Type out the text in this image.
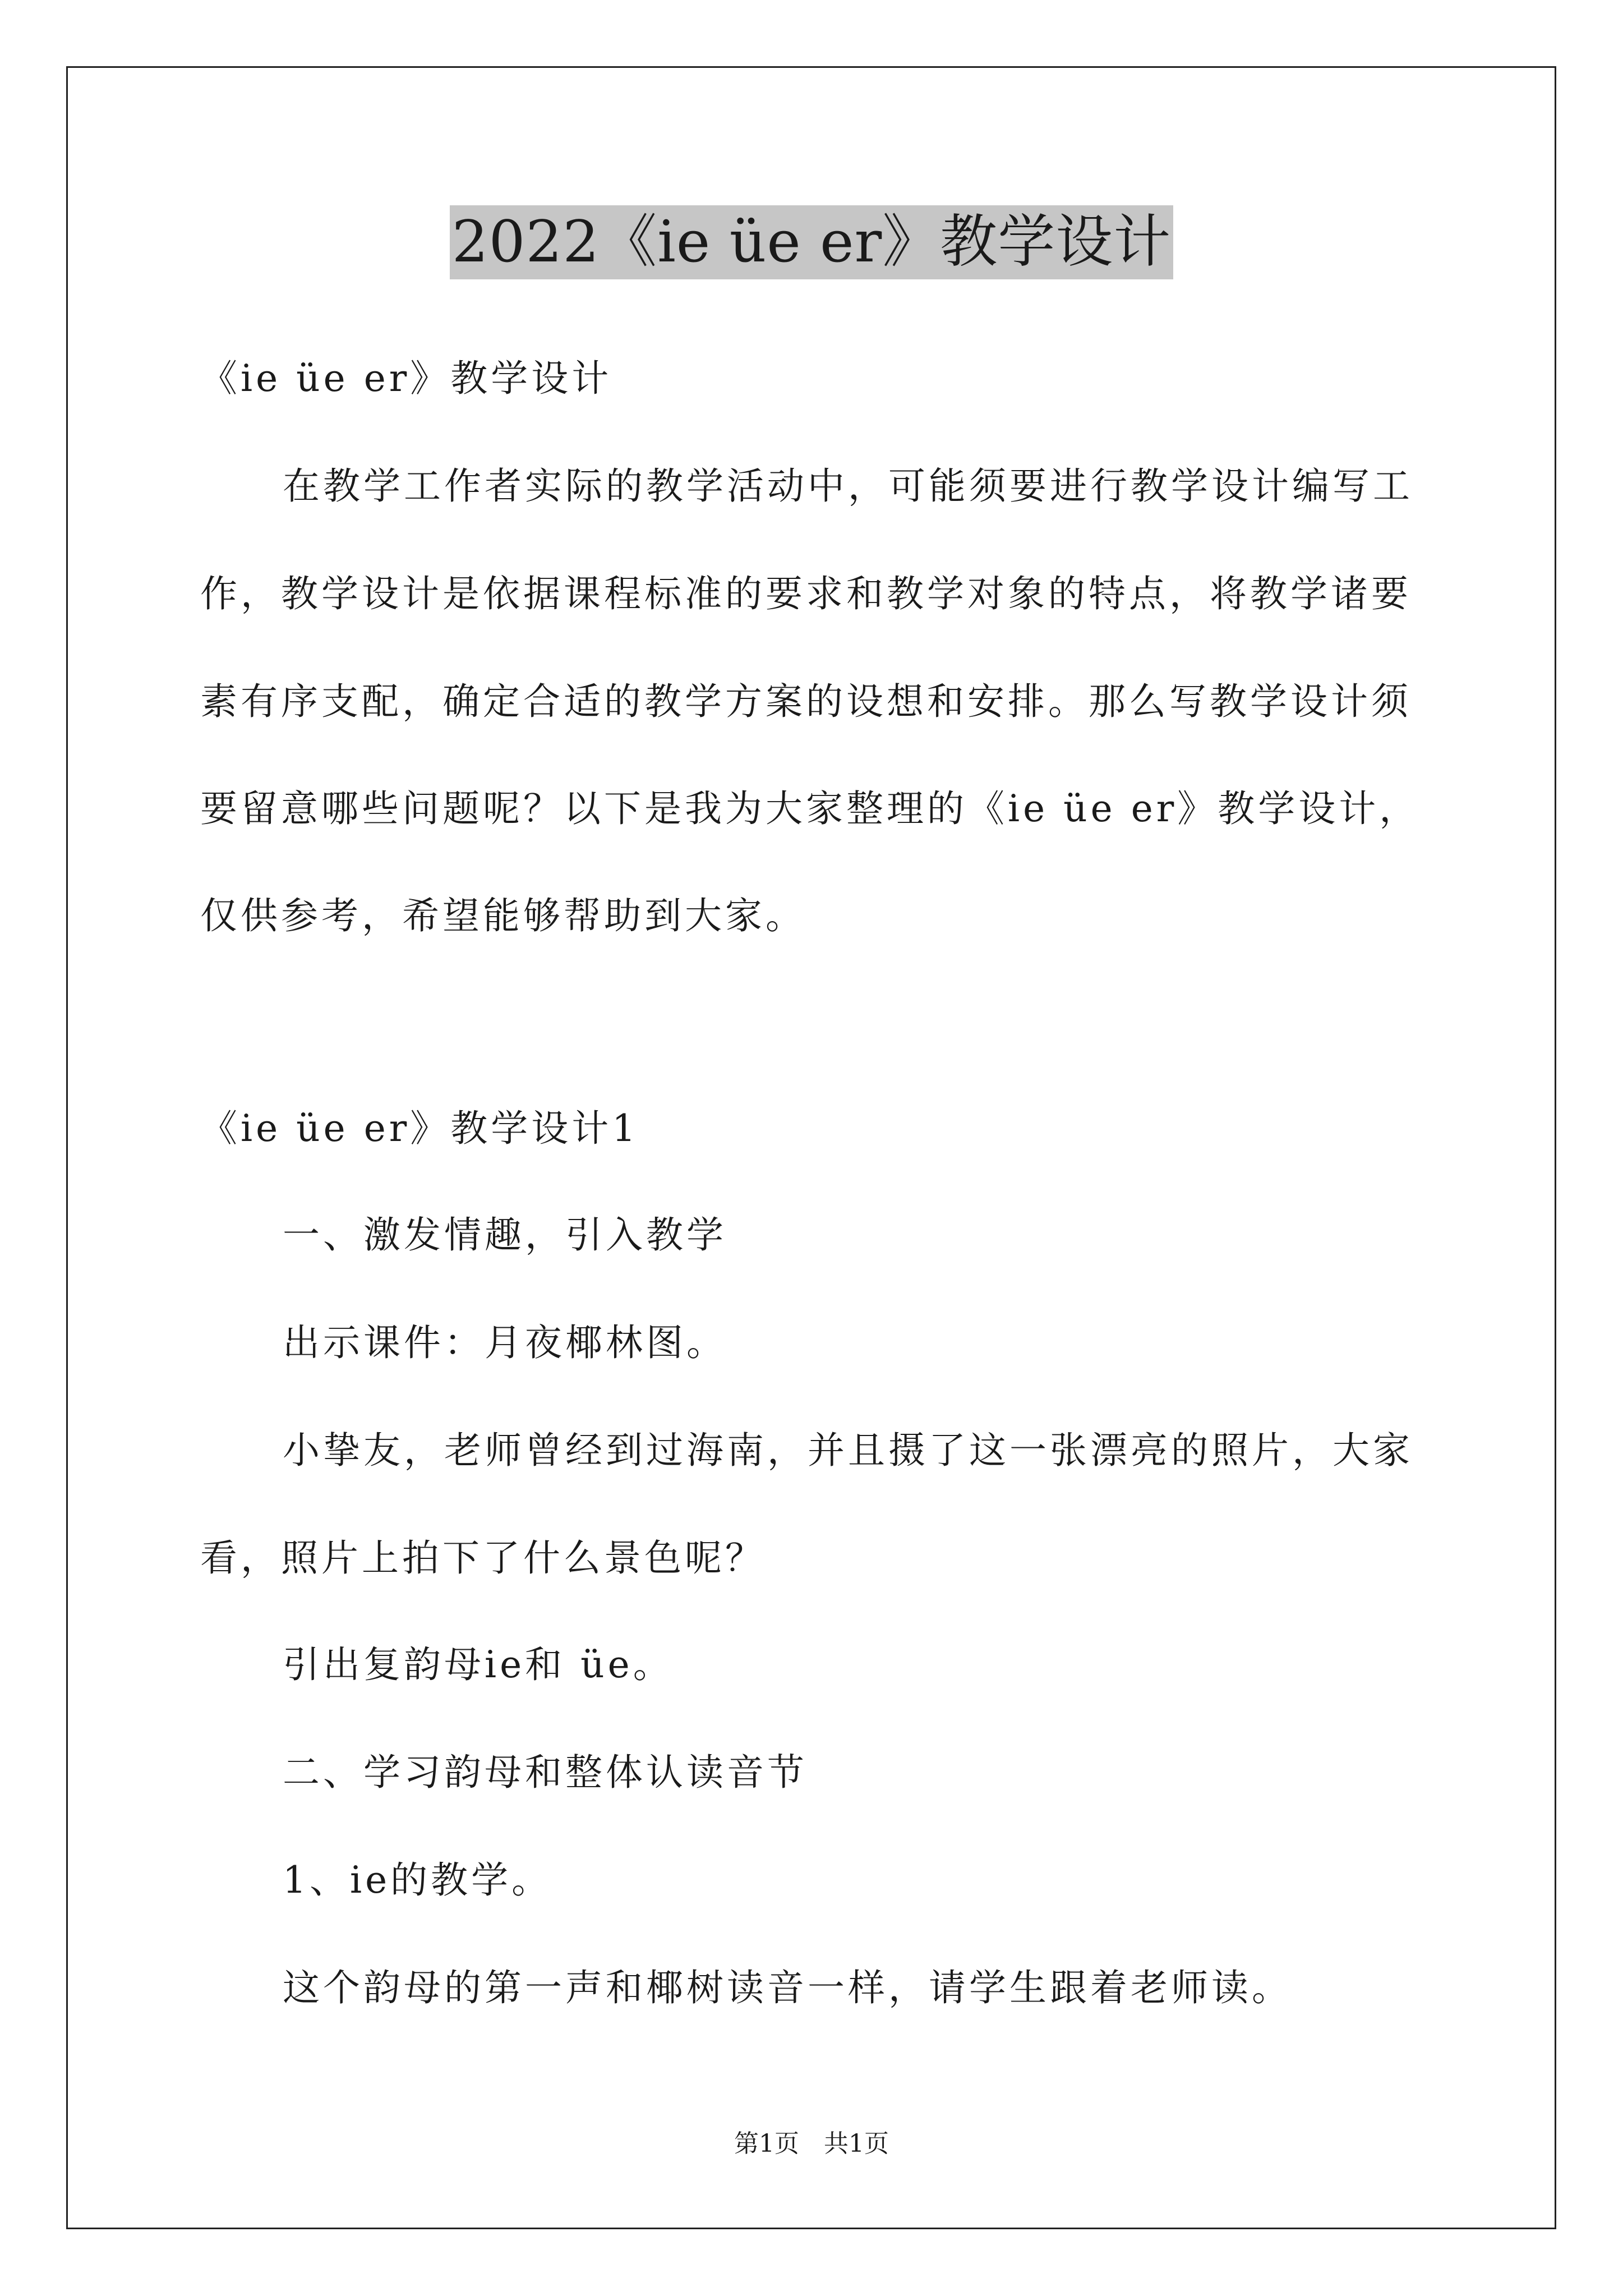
2022《ie üe er》教学设计
《ie üe er》教学设计
在教学工作者实际的教学活动中，可能须要进行教学设计编写工
作，教学设计是依据课程标准的要求和教学对象的特点，将教学诸要
素有序支配，确定合适的教学方案的设想和安排。那么写教学设计须
要留意哪些问题呢？以下是我为大家整理的《ie üe er》教学设计，
仅供参考，希望能够帮助到大家。
《ie üe er》教学设计1
一、激发情趣，引入教学
出示课件：月夜椰林图。
小挚友，老师曾经到过海南，并且摄了这一张漂亮的照片，大家
看，照片上拍下了什么景色呢？
引出复韵母ie和 üe。
二、学习韵母和整体认读音节
1、ie的教学。
这个韵母的第一声和椰树读音一样，请学生跟着老师读。
第1页　共1页
